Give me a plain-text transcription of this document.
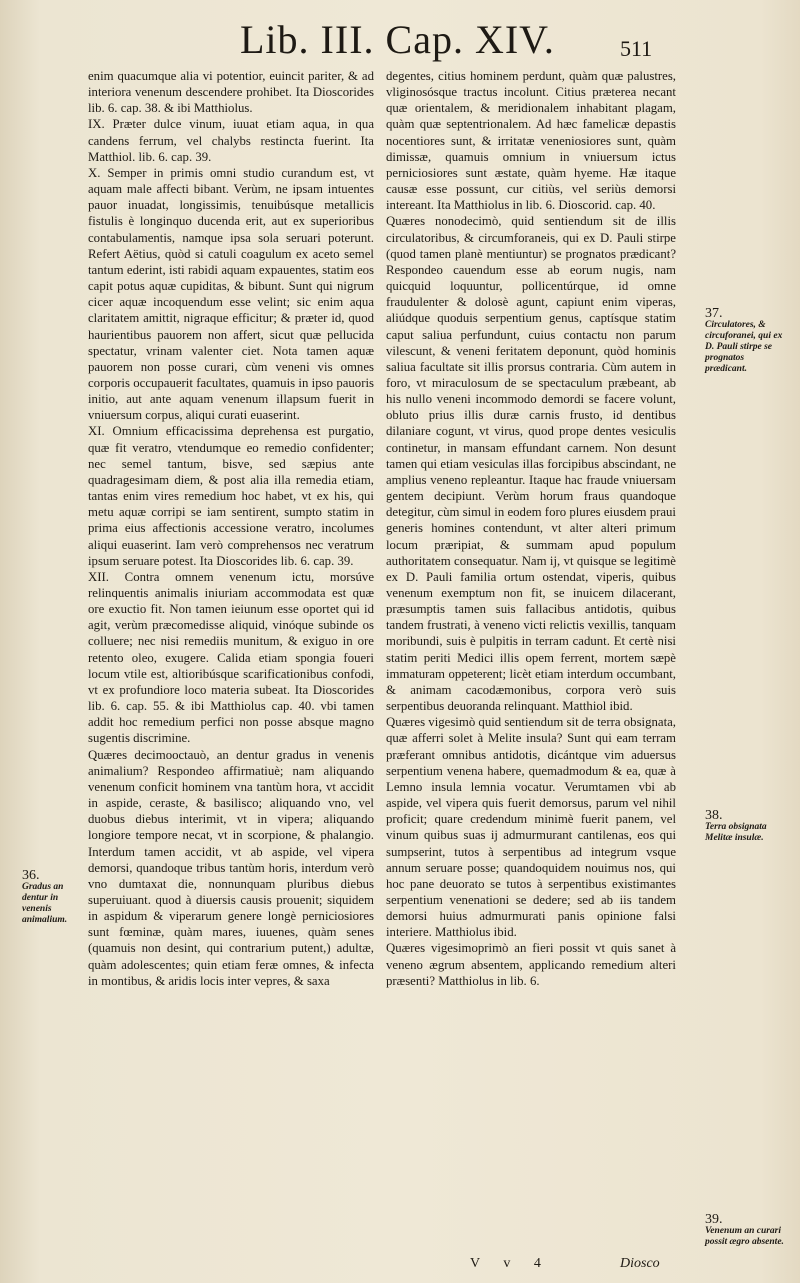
Lib. III. Cap. XIV.	511

enim quacumque alia vi potentior, euincit pariter, & ad interiora venenum descendere prohibet. Ita Dioscorides lib. 6. cap. 38. & ibi Matthiolus.

IX. Præter dulce vinum, iuuat etiam aqua, in qua candens ferrum, vel chalybs restincta fuerint. Ita Matthiol. lib. 6. cap. 39.

X. Semper in primis omni studio curandum est, vt aquam male affecti bibant. Verùm, ne ipsam intuentes pauor inuadat, longissimis, tenuibúsque metallicis fistulis è longinquo ducenda erit, aut ex superioribus contabulamentis, namque ipsa sola seruari poterunt. Refert Aëtius, quòd si catuli coagulum ex aceto semel tantum ederint, isti rabidi aquam expauentes, statim eos capit potus aquæ cupiditas, & bibunt. Sunt qui nigrum cicer aquæ incoquendum esse velint; sic enim aqua claritatem amittit, nigraque efficitur; & præter id, quod haurientibus pauorem non affert, sicut quæ pellucida spectatur, vrinam valenter ciet. Nota tamen aquæ pauorem non posse curari, cùm veneni vis omnes corporis occupauerit facultates, quamuis in ipso pauoris initio, aut ante aquam venenum illapsum fuerit in vniuersum corpus, aliqui curati euaserint.

XI. Omnium efficacissima deprehensa est purgatio, quæ fit veratro, vtendumque eo remedio confidenter; nec semel tantum, bisve, sed sæpius ante quadragesimam diem, & post alia illa remedia etiam, tantas enim vires remedium hoc habet, vt ex his, qui metu aquæ corripi se iam sentirent, sumpto statim in prima eius affectionis accessione veratro, incolumes aliqui euaserint. Iam verò comprehensos nec veratrum ipsum seruare potest. Ita Dioscorides lib. 6. cap. 39.

XII. Contra omnem venenum ictu, morsúve relinquentis animalis iniuriam accommodata est quæ ore exuctio fit. Non tamen ieiunum esse oportet qui id agit, verùm præcomedisse aliquid, vinóque subinde os colluere; nec nisi remediis munitum, & exiguo in ore retento oleo, exugere. Calida etiam spongia foueri locum vtile est, altioribúsque scarificationibus confodi, vt ex profundiore loco materia subeat. Ita Dioscorides lib. 6. cap. 55. & ibi Matthiolus cap. 40. vbi tamen addit hoc remedium perfici non posse absque magno sugentis discrimine.

Quæres decimooctauò, an dentur gradus in venenis animalium? Respondeo affirmatiuè; nam aliquando venenum conficit hominem vna tantùm hora, vt accidit in aspide, ceraste, & basilisco; aliquando vno, vel duobus diebus interimit, vt in vipera; aliquando longiore tempore necat, vt in scorpione, & phalangio. Interdum tamen accidit, vt ab aspide, vel vipera demorsi, quandoque tribus tantùm horis, interdum verò vno dumtaxat die, nonnunquam pluribus diebus superuiuant. quod à diuersis causis prouenit; siquidem in aspidum & viperarum genere longè perniciosiores sunt fœminæ, quàm mares, iuuenes, quàm senes (quamuis non desint, qui contrarium putent,) adultæ, quàm adolescentes; quin etiam feræ omnes, & infecta in montibus, & aridis locis inter vepres, & saxa

degentes, citius hominem perdunt, quàm quæ palustres, vliginosósque tractus incolunt. Citius præterea necant quæ orientalem, & meridionalem inhabitant plagam, quàm quæ septentrionalem. Ad hæc famelicæ depastis nocentiores sunt, & irritatæ veneniosiores sunt, quàm dimissæ, quamuis omnium in vniuersum ictus perniciosiores sunt æstate, quàm hyeme. Hæ itaque causæ esse possunt, cur citiùs, vel seriùs demorsi intereant. Ita Matthiolus in lib. 6. Dioscorid. cap. 40.

Quæres nonodecimò, quid sentiendum sit de illis circulatoribus, & circumforaneis, qui ex D. Pauli stirpe (quod tamen planè mentiuntur) se prognatos prædicant? Respondeo cauendum esse ab eorum nugis, nam quicquid loquuntur, pollicentúrque, id omne fraudulenter & dolosè agunt, capiunt enim viperas, aliúdque quoduis serpentium genus, captísque statim caput saliua perfundunt, cuius contactu non parum vilescunt, & veneni feritatem deponunt, quòd hominis saliua facultate sit illis prorsus contraria. Cùm autem in foro, vt miraculosum de se spectaculum præbeant, ab his nullo veneni incommodo demordi se facere volunt, obluto prius illis duræ carnis frusto, id dentibus dilaniare cogunt, vt virus, quod prope dentes vesiculis continetur, in mansam effundant carnem. Non desunt tamen qui etiam vesiculas illas forcipibus abscindant, ne amplius veneno repleantur. Itaque hac fraude vniuersam gentem decipiunt. Verùm horum fraus quandoque detegitur, cùm simul in eodem foro plures eiusdem praui generis homines contendunt, vt alter alteri primum locum præripiat, & summam apud populum authoritatem consequatur. Nam ij, vt quisque se legitimè ex D. Pauli familia ortum ostendat, viperis, quibus venenum exemptum non fit, se inuicem dilacerant, præsumptis tamen suis fallacibus antidotis, quibus tandem frustrati, à veneno victi relictis vexillis, tanquam moribundi, suis è pulpitis in terram cadunt. Et certè nisi statim periti Medici illis opem ferrent, mortem sæpè immaturam oppeterent; licèt etiam interdum occumbant, & animam cacodæmonibus, corpora verò suis serpentibus deuoranda relinquant. Matthiol ibid.

Quæres vigesimò quid sentiendum sit de terra obsignata, quæ afferri solet à Melite insula? Sunt qui eam terram præferant omnibus antidotis, dicántque vim aduersus serpentium venena habere, quemadmodum & ea, quæ à Lemno insula lemnia vocatur. Verumtamen vbi ab aspide, vel vipera quis fuerit demorsus, parum vel nihil proficit; quare credendum minimè fuerit panem, vel vinum quibus suas ij admurmurant cantilenas, eos qui sumpserint, tutos à serpentibus ad integrum vsque annum seruare posse; quandoquidem nouimus nos, qui hoc pane deuorato se tutos à serpentibus existimantes serpentium venenationi se dedere; sed ab iis tandem demorsi huius admurmurati panis opinione falsi interiere. Matthiolus ibid.

Quæres vigesimoprimò an fieri possit vt quis sanet à veneno ægrum absentem, applicando remedium alteri præsenti? Matthiolus in lib. 6.

36.
Gradus an dentur in venenis animalium.
37.
Circulatores, & circuforanei, qui ex D. Pauli stirpe se prognatos prædicant.
38.
Terra obsignata Melitæ insulæ.
39.
Venenum an curari possit ægro absente.
V v 4	Diosco
